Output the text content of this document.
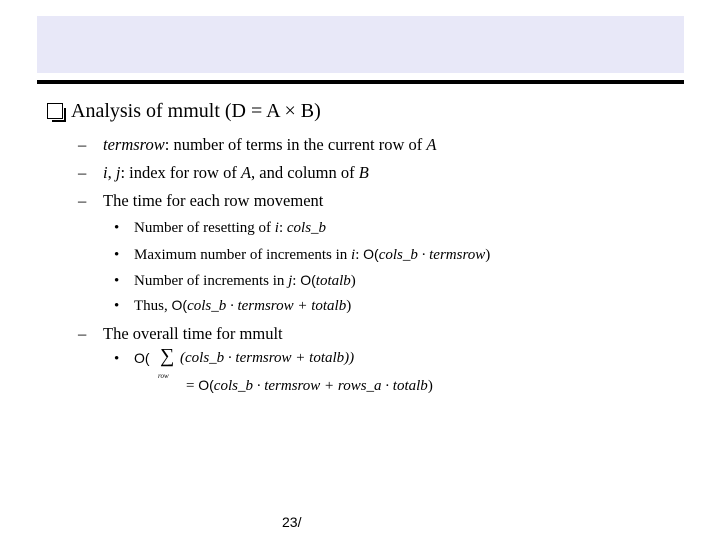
Analysis of mmult (D = A × B)
– termsrow: number of terms in the current row of A
– i, j: index for row of A, and column of B
– The time for each row movement
• Number of resetting of i: cols_b
• Maximum number of increments in i: O(cols_b · termsrow)
• Number of increments in j: O(totalb)
• Thus, O(cols_b · termsrow + totalb)
– The overall time for mmult
• O( ∑
row
(cols_b · termsrow + totalb))
= O(cols_b · termsrow + rows_a · totalb)
23/
